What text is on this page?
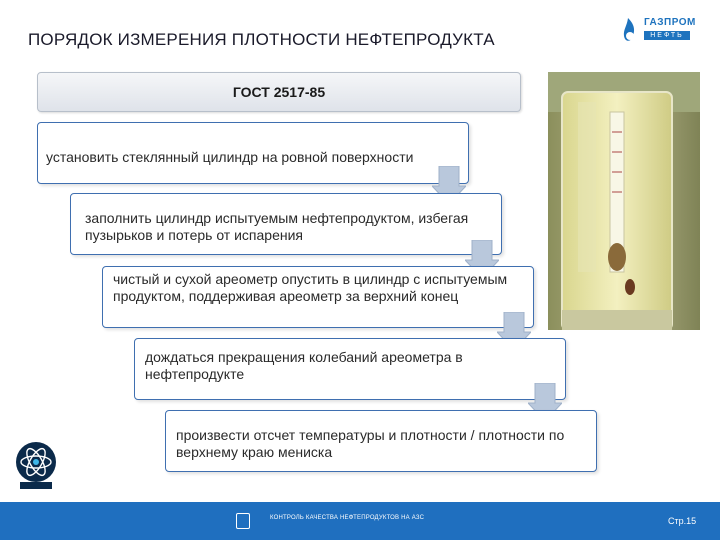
ПОРЯДОК ИЗМЕРЕНИЯ ПЛОТНОСТИ НЕФТЕПРОДУКТА
ГАЗПРОМ
НЕФТЬ
ГОСТ 2517-85
установить стеклянный цилиндр на ровной поверхности
заполнить цилиндр испытуемым нефтепродуктом, избегая пузырьков и потерь от испарения
чистый и сухой ареометр опустить в цилиндр с испытуемым продуктом, поддерживая ареометр за верхний конец
дождаться прекращения колебаний ареометра в нефтепродукте
произвести отсчет температуры и плотности / плотности по верхнему краю мениска
КОНТРОЛЬ КАЧЕСТВА НЕФТЕПРОДУКТОВ НА АЗС	Стр.15
